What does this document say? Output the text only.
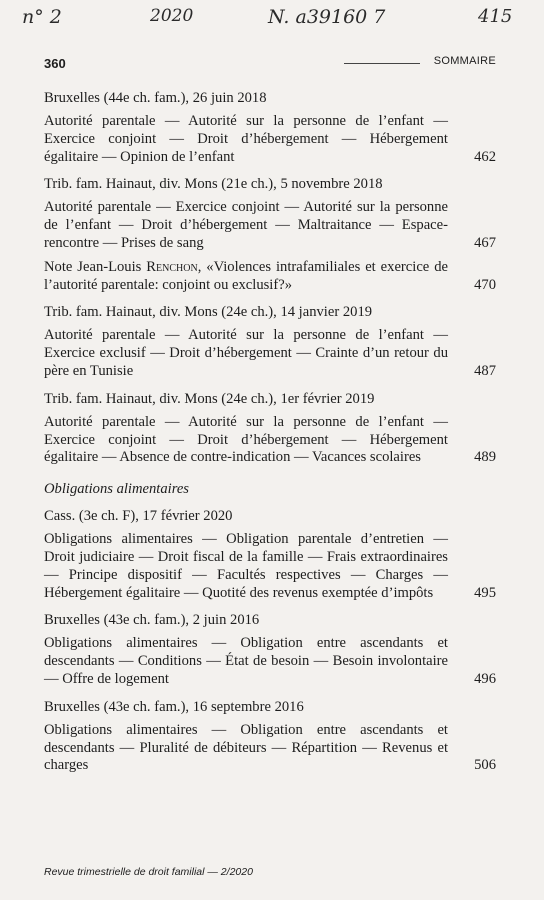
n° 2	2020	N. a39160 7	415
360	SOMMAIRE
Bruxelles (44e ch. fam.), 26 juin 2018
Autorité parentale — Autorité sur la personne de l’enfant — Exercice conjoint — Droit d’hébergement — Hébergement égalitaire — Opinion de l’enfant	462
Trib. fam. Hainaut, div. Mons (21e ch.), 5 novembre 2018
Autorité parentale — Exercice conjoint — Autorité sur la personne de l’enfant — Droit d’hébergement — Maltraitance — Espace-rencontre — Prises de sang	467
Note Jean-Louis Renchon, «Violences intrafamiliales et exercice de l’autorité parentale: conjoint ou exclusif?»	470
Trib. fam. Hainaut, div. Mons (24e ch.), 14 janvier 2019
Autorité parentale — Autorité sur la personne de l’enfant — Exercice exclusif — Droit d’hébergement — Crainte d’un retour du père en Tunisie	487
Trib. fam. Hainaut, div. Mons (24e ch.), 1er février 2019
Autorité parentale — Autorité sur la personne de l’enfant — Exercice conjoint — Droit d’hébergement — Hébergement égalitaire — Absence de contre-indication — Vacances scolaires	489
Obligations alimentaires
Cass. (3e ch. F), 17 février 2020
Obligations alimentaires — Obligation parentale d’entretien — Droit judiciaire — Droit fiscal de la famille — Frais extraordinaires — Principe dispositif — Facultés respectives — Charges — Hébergement égalitaire — Quotité des revenus exemptée d’impôts	495
Bruxelles (43e ch. fam.), 2 juin 2016
Obligations alimentaires — Obligation entre ascendants et descendants — Conditions — État de besoin — Besoin involontaire — Offre de logement	496
Bruxelles (43e ch. fam.), 16 septembre 2016
Obligations alimentaires — Obligation entre ascendants et descendants — Pluralité de débiteurs — Répartition — Revenus et charges	506
Revue trimestrielle de droit familial — 2/2020
